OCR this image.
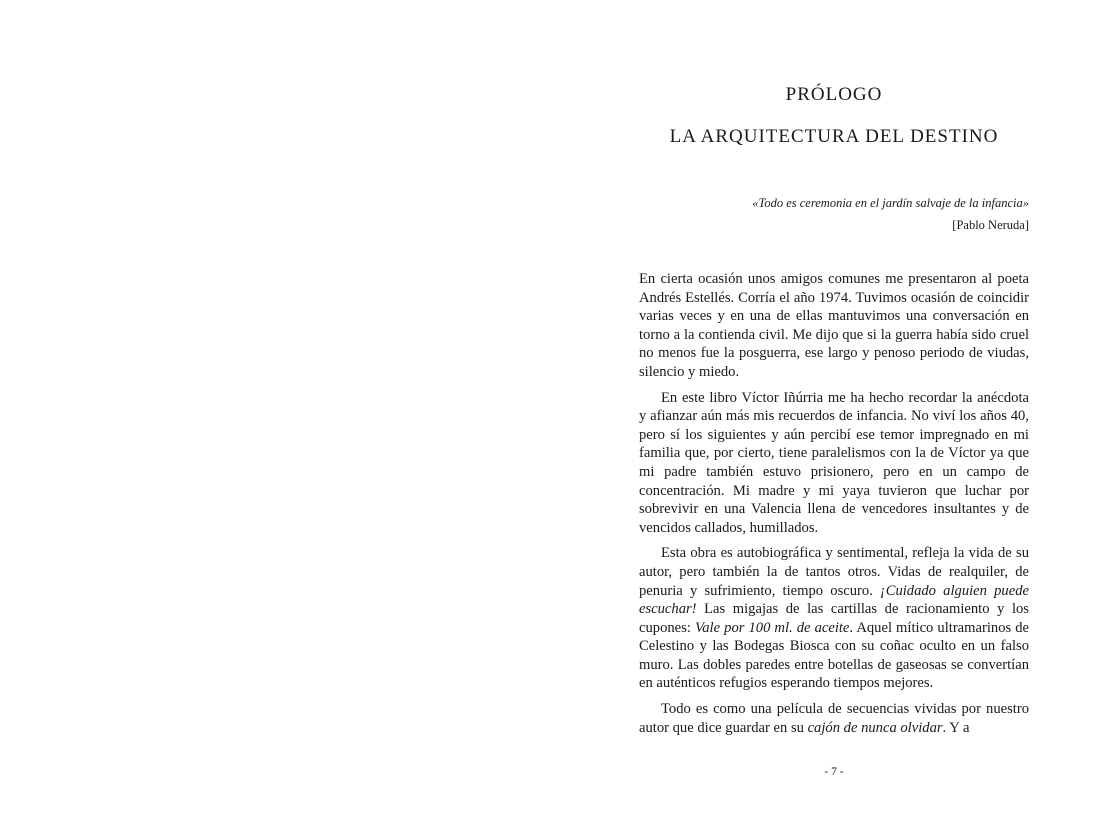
PRÓLOGO
LA ARQUITECTURA DEL DESTINO
«Todo es ceremonia en el jardín salvaje de la infancia»
[Pablo Neruda]

En cierta ocasión unos amigos comunes me presentaron al poeta Andrés Estellés. Corría el año 1974. Tuvimos ocasión de coincidir varias veces y en una de ellas mantuvimos una conversación en torno a la contienda civil. Me dijo que si la guerra había sido cruel no menos fue la posguerra, ese largo y penoso periodo de viudas, silencio y miedo.

En este libro Víctor Iñúrria me ha hecho recordar la anécdota y afianzar aún más mis recuerdos de infancia. No viví los años 40, pero sí los siguientes y aún percibí ese temor impregnado en mi familia que, por cierto, tiene paralelismos con la de Víctor ya que mi padre también estuvo prisionero, pero en un campo de concentración. Mi madre y mi yaya tuvieron que luchar por sobrevivir en una Valencia llena de vencedores insultantes y de vencidos callados, humillados.

Esta obra es autobiográfica y sentimental, refleja la vida de su autor, pero también la de tantos otros. Vidas de realquiler, de penuria y sufrimiento, tiempo oscuro. ¡Cuidado alguien puede escuchar! Las migajas de las cartillas de racionamiento y los cupones: Vale por 100 ml. de aceite. Aquel mítico ultramarinos de Celestino y las Bodegas Biosca con su coñac oculto en un falso muro. Las dobles paredes entre botellas de gaseosas se convertían en auténticos refugios esperando tiempos mejores.

Todo es como una película de secuencias vividas por nuestro autor que dice guardar en su cajón de nunca olvidar. Y a

- 7 -
